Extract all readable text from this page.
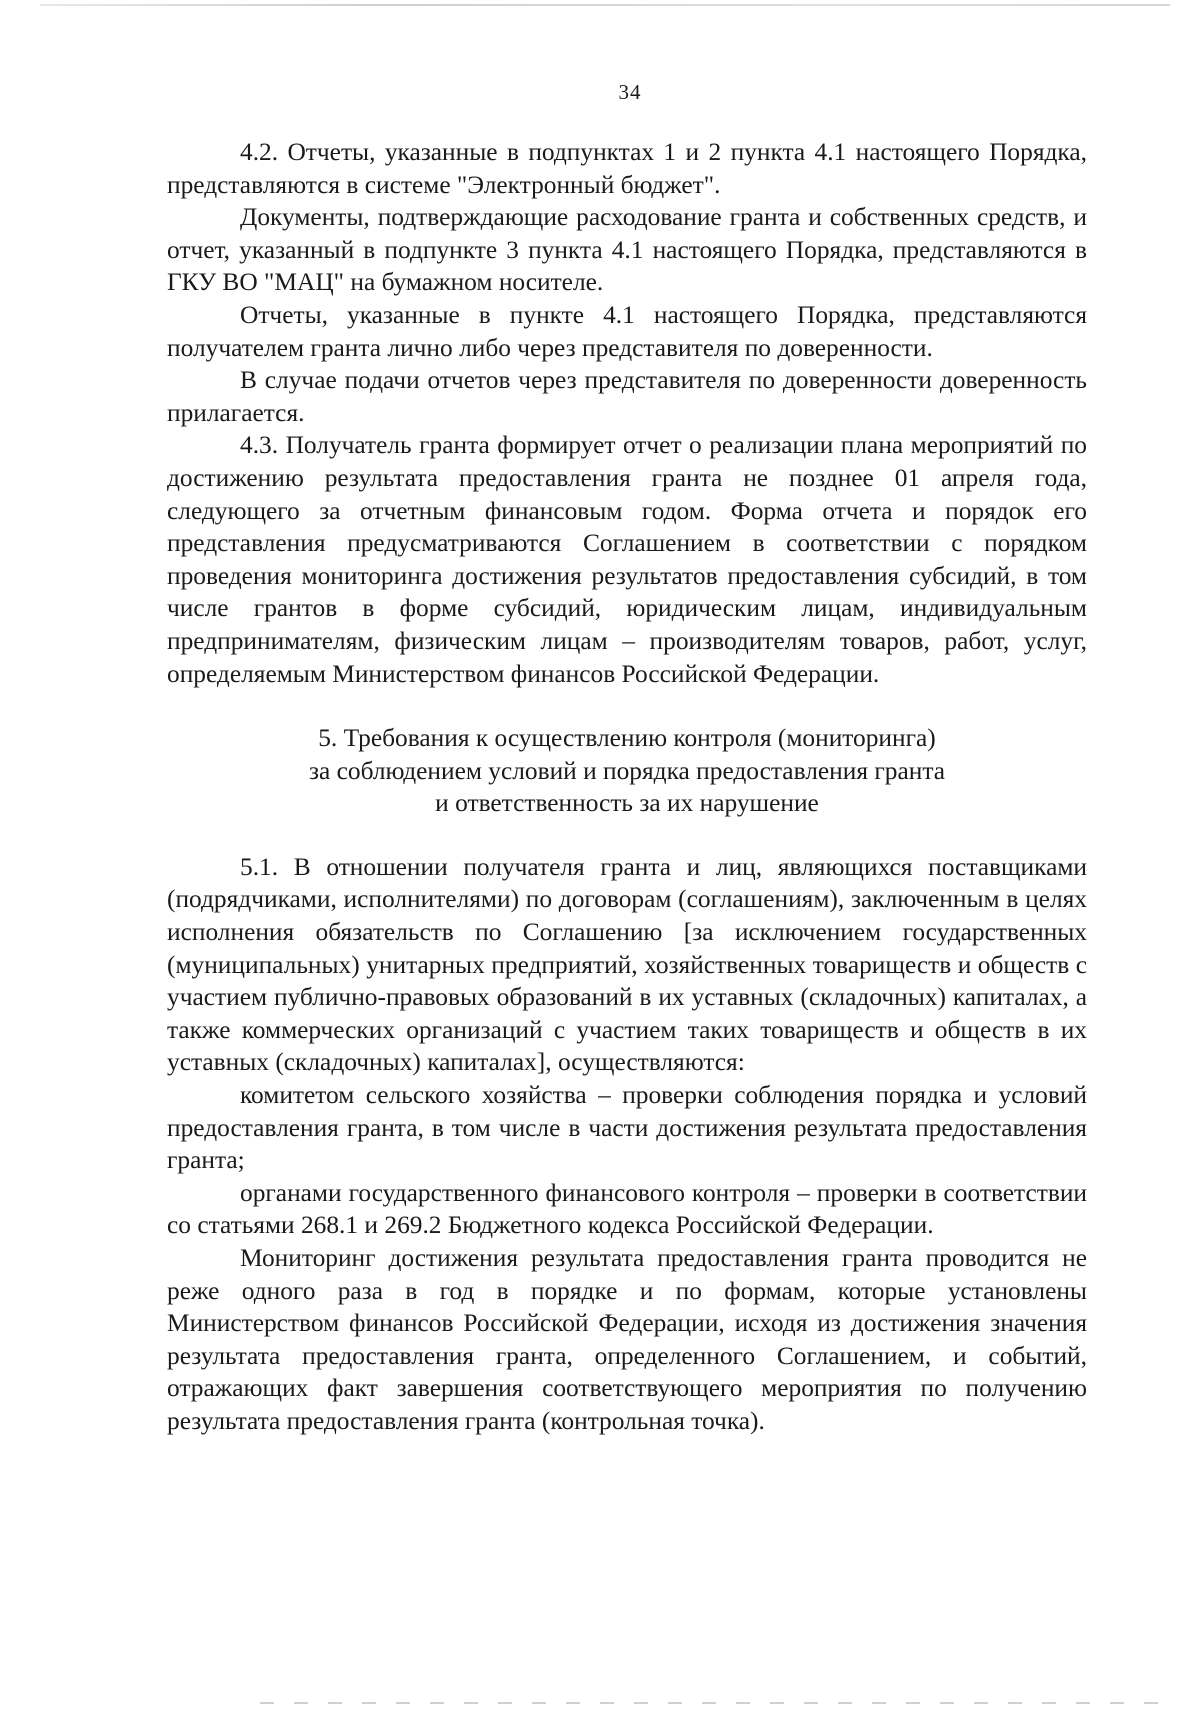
34

4.2. Отчеты, указанные в подпунктах 1 и 2 пункта 4.1 настоящего Порядка, представляются в системе "Электронный бюджет".

Документы, подтверждающие расходование гранта и собственных средств, и отчет, указанный в подпункте 3 пункта 4.1 настоящего Порядка, представляются в ГКУ ВО "МАЦ" на бумажном носителе.

Отчеты, указанные в пункте 4.1 настоящего Порядка, представляются получателем гранта лично либо через представителя по доверенности.

В случае подачи отчетов через представителя по доверенности доверенность прилагается.

4.3. Получатель гранта формирует отчет о реализации плана мероприятий по достижению результата предоставления гранта не позднее 01 апреля года, следующего за отчетным финансовым годом. Форма отчета и порядок его представления предусматриваются Соглашением в соответствии с порядком проведения мониторинга достижения результатов предоставления субсидий, в том числе грантов в форме субсидий, юридическим лицам, индивидуальным предпринимателям, физическим лицам – производителям товаров, работ, услуг, определяемым Министерством финансов Российской Федерации.

5. Требования к осуществлению контроля (мониторинга)
за соблюдением условий и порядка предоставления гранта
и ответственность за их нарушение

5.1. В отношении получателя гранта и лиц, являющихся поставщиками (подрядчиками, исполнителями) по договорам (соглашениям), заключенным в целях исполнения обязательств по Соглашению [за исключением государственных (муниципальных) унитарных предприятий, хозяйственных товариществ и обществ с участием публично-правовых образований в их уставных (складочных) капиталах, а также коммерческих организаций с участием таких товариществ и обществ в их уставных (складочных) капиталах], осуществляются:

комитетом сельского хозяйства – проверки соблюдения порядка и условий предоставления гранта, в том числе в части достижения результата предоставления гранта;

органами государственного финансового контроля – проверки в соответствии со статьями 268.1 и 269.2 Бюджетного кодекса Российской Федерации.

Мониторинг достижения результата предоставления гранта проводится не реже одного раза в год в порядке и по формам, которые установлены Министерством финансов Российской Федерации, исходя из достижения значения результата предоставления гранта, определенного Соглашением, и событий, отражающих факт завершения соответствующего мероприятия по получению результата предоставления гранта (контрольная точка).
